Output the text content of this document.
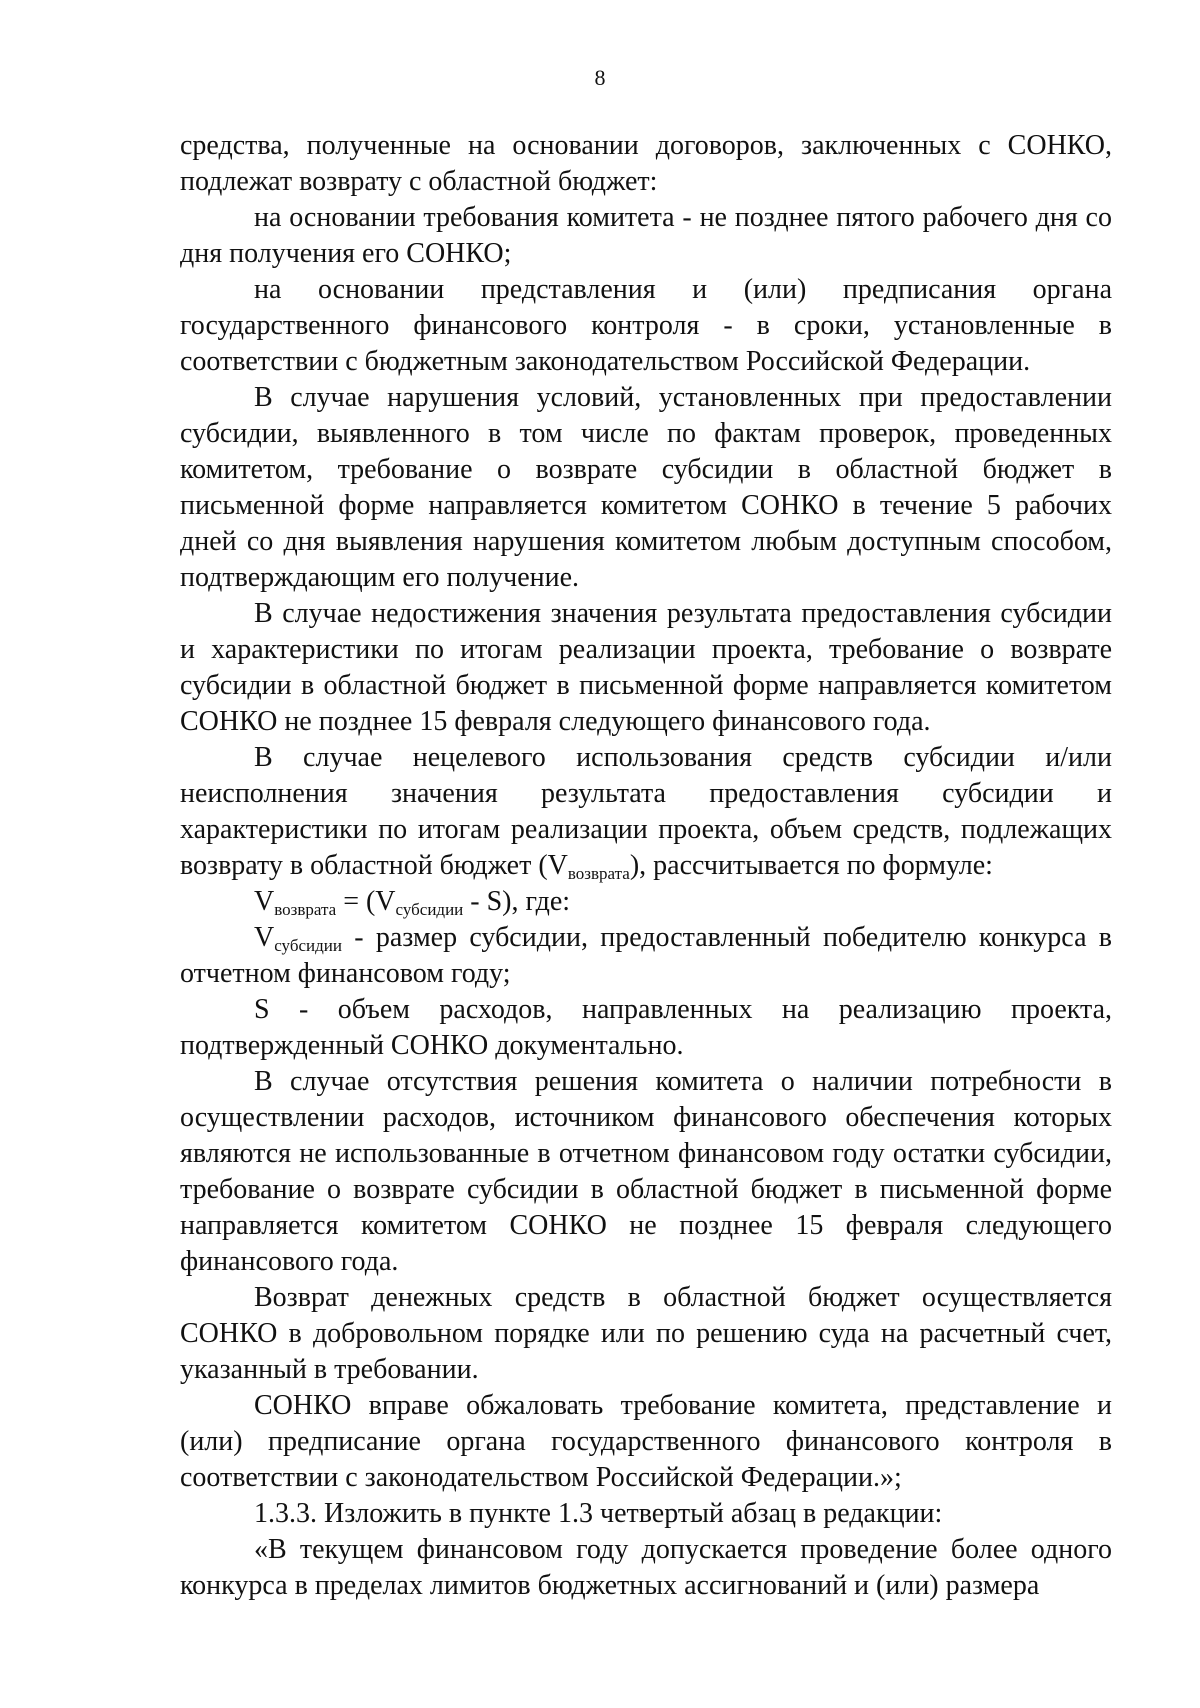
8

средства, полученные на основании договоров, заключенных с СОНКО, подлежат возврату с областной бюджет:

на основании требования комитета - не позднее пятого рабочего дня со дня получения его СОНКО;

на основании представления и (или) предписания органа государственного финансового контроля - в сроки, установленные в соответствии с бюджетным законодательством Российской Федерации.

В случае нарушения условий, установленных при предоставлении субсидии, выявленного в том числе по фактам проверок, проведенных комитетом, требование о возврате субсидии в областной бюджет в письменной форме направляется комитетом СОНКО в течение 5 рабочих дней со дня выявления нарушения комитетом любым доступным способом, подтверждающим его получение.

В случае недостижения значения результата предоставления субсидии и характеристики по итогам реализации проекта, требование о возврате субсидии в областной бюджет в письменной форме направляется комитетом СОНКО не позднее 15 февраля следующего финансового года.

В случае нецелевого использования средств субсидии и/или неисполнения значения результата предоставления субсидии и характеристики по итогам реализации проекта, объем средств, подлежащих возврату в областной бюджет $(V_{возврата})$, рассчитывается по формуле:

$V_{возврата} = (V_{субсидии} - S)$, где:

$V_{субсидии}$ - размер субсидии, предоставленный победителю конкурса в отчетном финансовом году;

S - объем расходов, направленных на реализацию проекта, подтвержденный СОНКО документально.

В случае отсутствия решения комитета о наличии потребности в осуществлении расходов, источником финансового обеспечения которых являются не использованные в отчетном финансовом году остатки субсидии, требование о возврате субсидии в областной бюджет в письменной форме направляется комитетом СОНКО не позднее 15 февраля следующего финансового года.

Возврат денежных средств в областной бюджет осуществляется СОНКО в добровольном порядке или по решению суда на расчетный счет, указанный в требовании.

СОНКО вправе обжаловать требование комитета, представление и (или) предписание органа государственного финансового контроля в соответствии с законодательством Российской Федерации.»;

1.3.3. Изложить в пункте 1.3 четвертый абзац в редакции:

«В текущем финансовом году допускается проведение более одного конкурса в пределах лимитов бюджетных ассигнований и (или) размера
